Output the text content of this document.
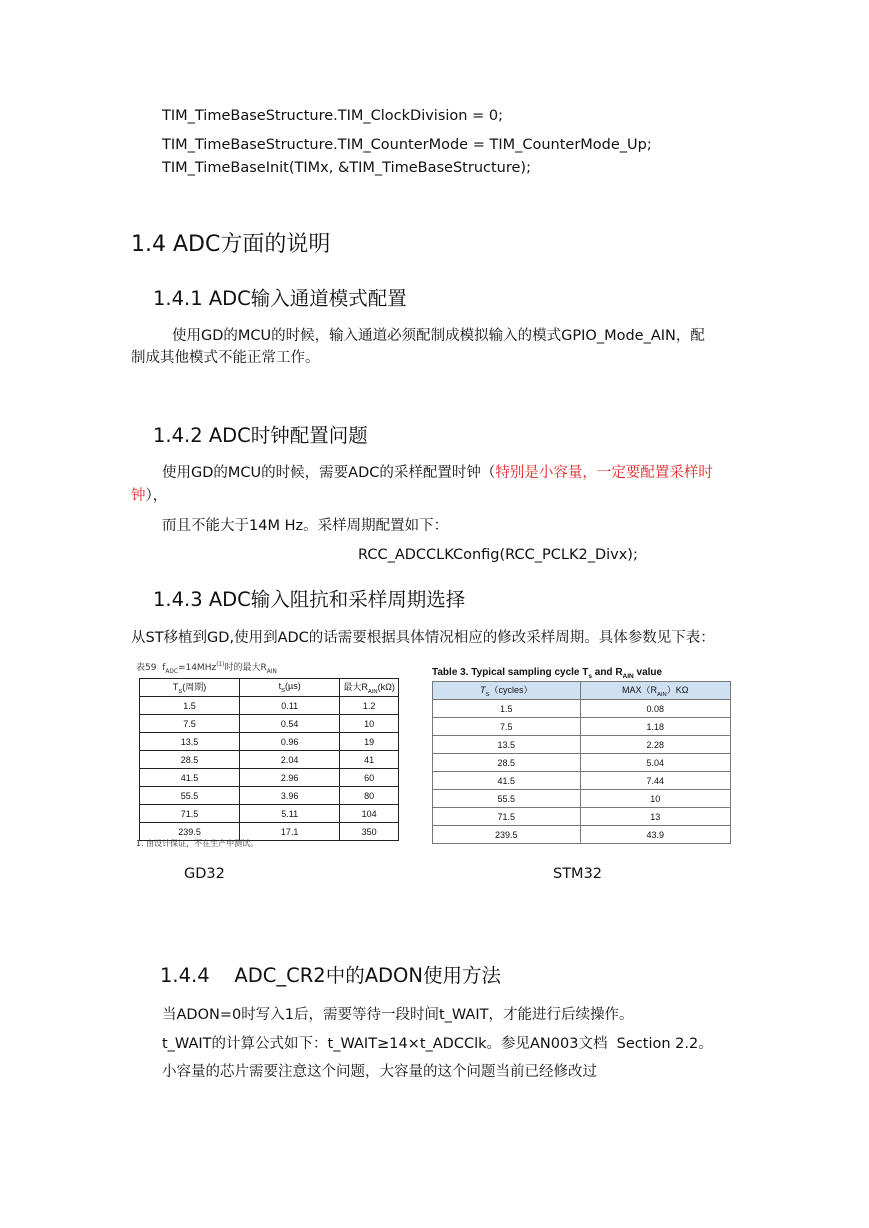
TIM_TimeBaseStructure.TIM_ClockDivision = 0;
TIM_TimeBaseStructure.TIM_CounterMode = TIM_CounterMode_Up;
TIM_TimeBaseInit(TIMx, &TIM_TimeBaseStructure);
1.4 ADC方面的说明
1.4.1 ADC输入通道模式配置
使用GD的MCU的时候，输入通道必须配制成模拟输入的模式GPIO_Mode_AIN，配
制成其他模式不能正常工作。
1.4.2 ADC时钟配置问题
使用GD的MCU的时候，需要ADC的采样配置时钟（特别是小容量，一定要配置采样时
钟），
而且不能大于14M Hz。采样周期配置如下：
RCC_ADCCLKConfig(RCC_PCLK2_Divx);
1.4.3 ADC输入阻抗和采样周期选择
从ST移植到GD,使用到ADC的话需要根据具体情况相应的修改采样周期。具体参数见下表：
表59 $f_{ADC}=14MHz^{(1)}$时的最大$R_{AIN}$
$T_S$(周期)	$t_S(\mu s)$	最大$R_{AIN}(k\Omega)$
1.5	0.11	1.2
7.5	0.54	10
13.5	0.96	19
28.5	2.04	41
41.5	2.96	60
55.5	3.96	80
71.5	5.11	104
239.5	17.1	350
1. 由设计保证，不在生产中测试。
Table 3. Typical sampling cycle $T_s$ and $R_{AIN}$ value
$T_S(cycles)$	$MAX(R_{AIN})K\Omega$
1.5	0.08
7.5	1.18
13.5	2.28
28.5	5.04
41.5	7.44
55.5	10
71.5	13
239.5	43.9
GD32	STM32
1.4.4    ADC_CR2中的ADON使用方法
当ADON=0时写入1后，需要等待一段时间t_WAIT，才能进行后续操作。
t_WAIT的计算公式如下：t_WAIT≥14×t_ADCClk。参见AN003文档  Section 2.2。
小容量的芯片需要注意这个问题，大容量的这个问题当前已经修改过
